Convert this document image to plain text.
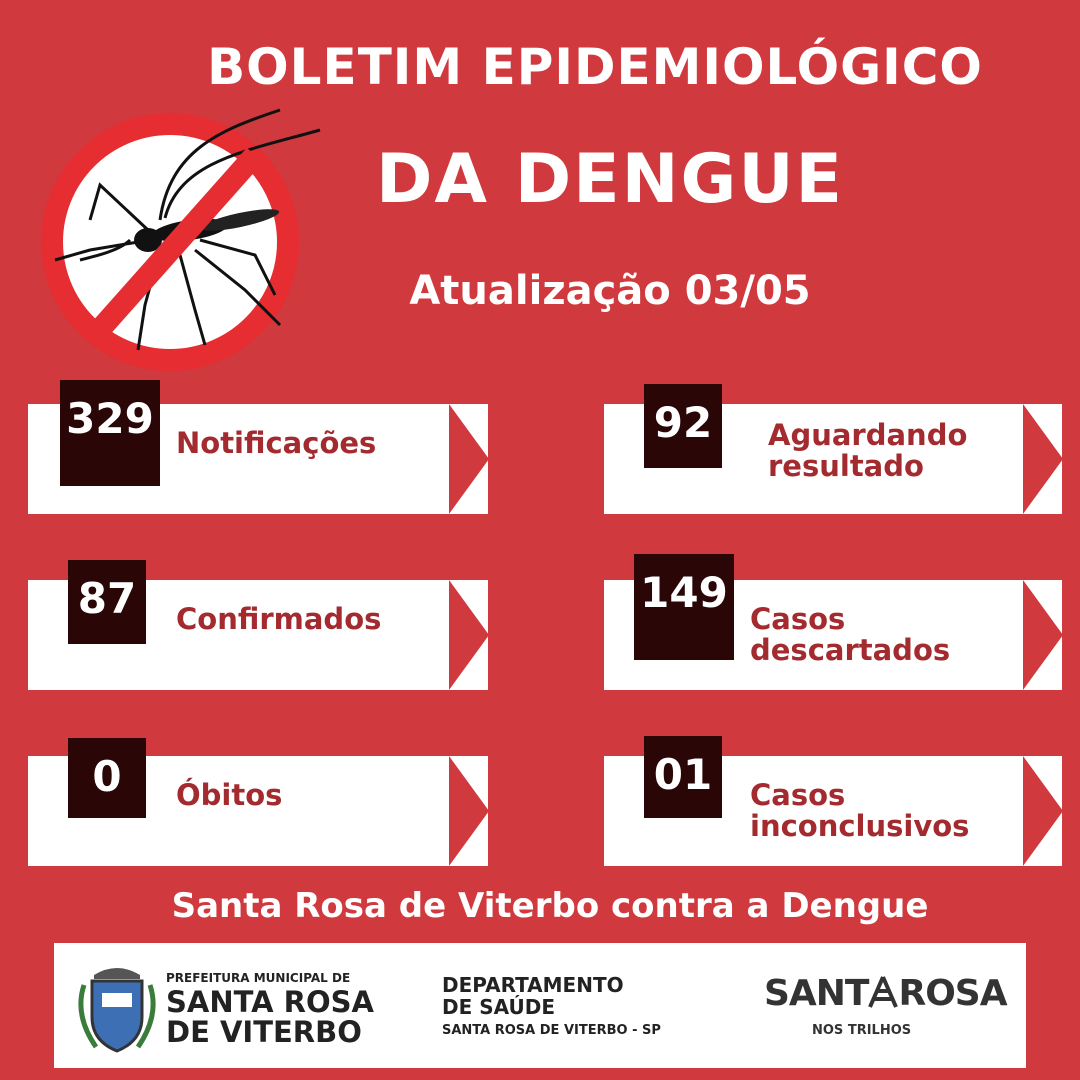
BOLETIM EPIDEMIOLÓGICO
DA DENGUE
Atualização 03/05
329 Notificações	92	Aguardando
resultado
87	Confirmados
149
Casos
descartados
0	Óbitos	01	Casos
inconclusivos
Santa Rosa de Viterbo contra a Dengue
PREFEITURA MUNICIPAL DE
SANTA ROSA
DE VITERBO
DEPARTAMENTO
DE SAÚDE
SANTA ROSA DE VITERBO - SP
SANT ROSA
NOS TRILHOS
